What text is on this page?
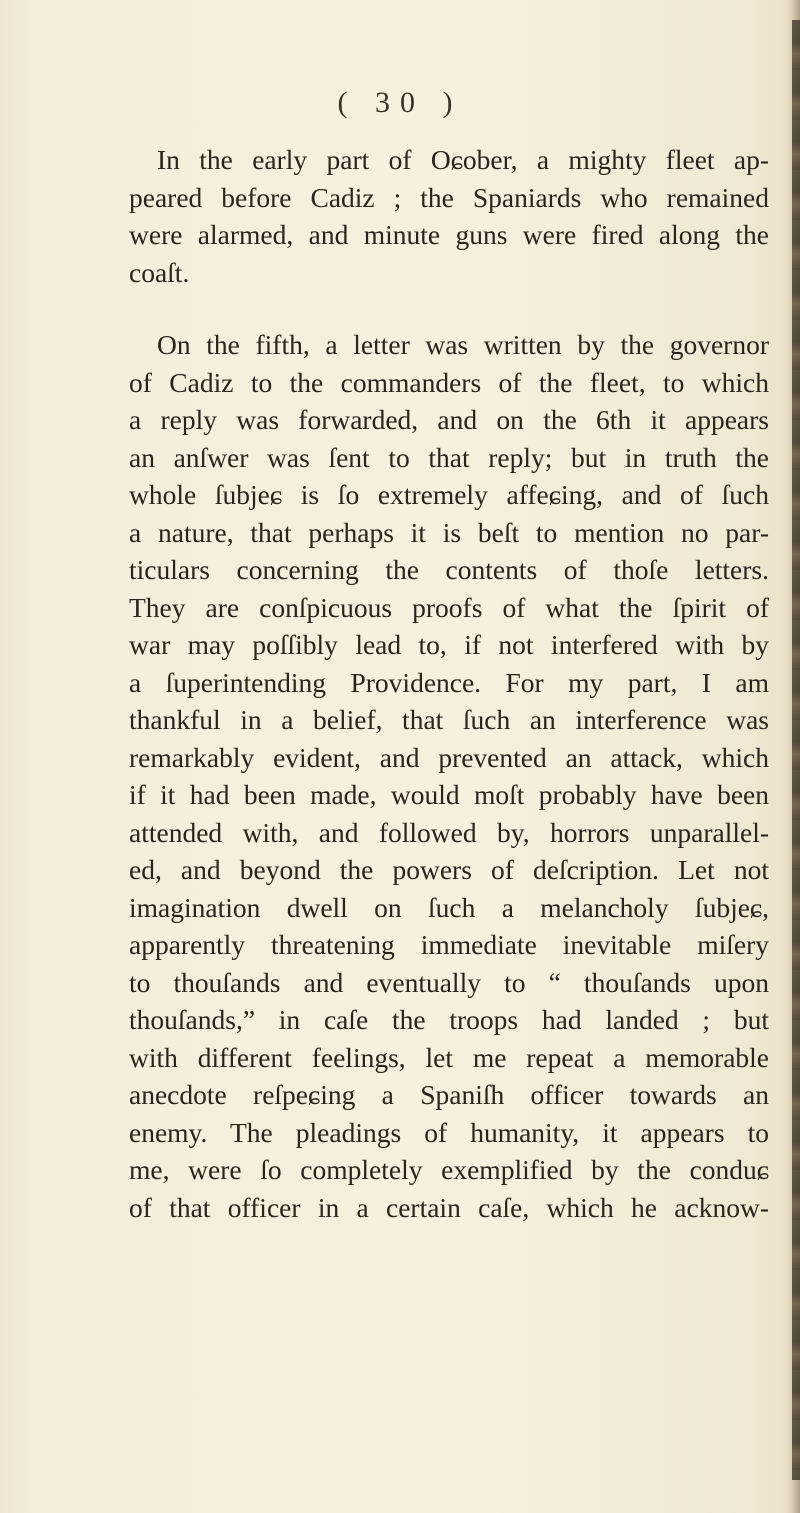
( 30 )
In the early part of Oɕober, a mighty fleet ap-
peared before Cadiz ; the Spaniards who remained
were alarmed, and minute guns were fired along the
coaſt.
On the fifth, a letter was written by the governor
of Cadiz to the commanders of the fleet, to which
a reply was forwarded, and on the 6th it appears
an anſwer was ſent to that reply; but in truth the
whole ſubjeɕ is ſo extremely affeɕing, and of ſuch
a nature, that perhaps it is beſt to mention no par-
ticulars concerning the contents of thoſe letters.
They are conſpicuous proofs of what the ſpirit of
war may poſſibly lead to, if not interfered with by
a ſuperintending Providence. For my part, I am
thankful in a belief, that ſuch an interference was
remarkably evident, and prevented an attack, which
if it had been made, would moſt probably have been
attended with, and followed by, horrors unparallel-
ed, and beyond the powers of deſcription. Let not
imagination dwell on ſuch a melancholy ſubjeɕ,
apparently threatening immediate inevitable miſery
to thouſands and eventually to “ thouſands upon
thouſands,” in caſe the troops had landed ; but
with different feelings, let me repeat a memorable
anecdote reſpeɕing a Spaniſh officer towards an
enemy. The pleadings of humanity, it appears to
me, were ſo completely exemplified by the conduɕ
of that officer in a certain caſe, which he acknow-
